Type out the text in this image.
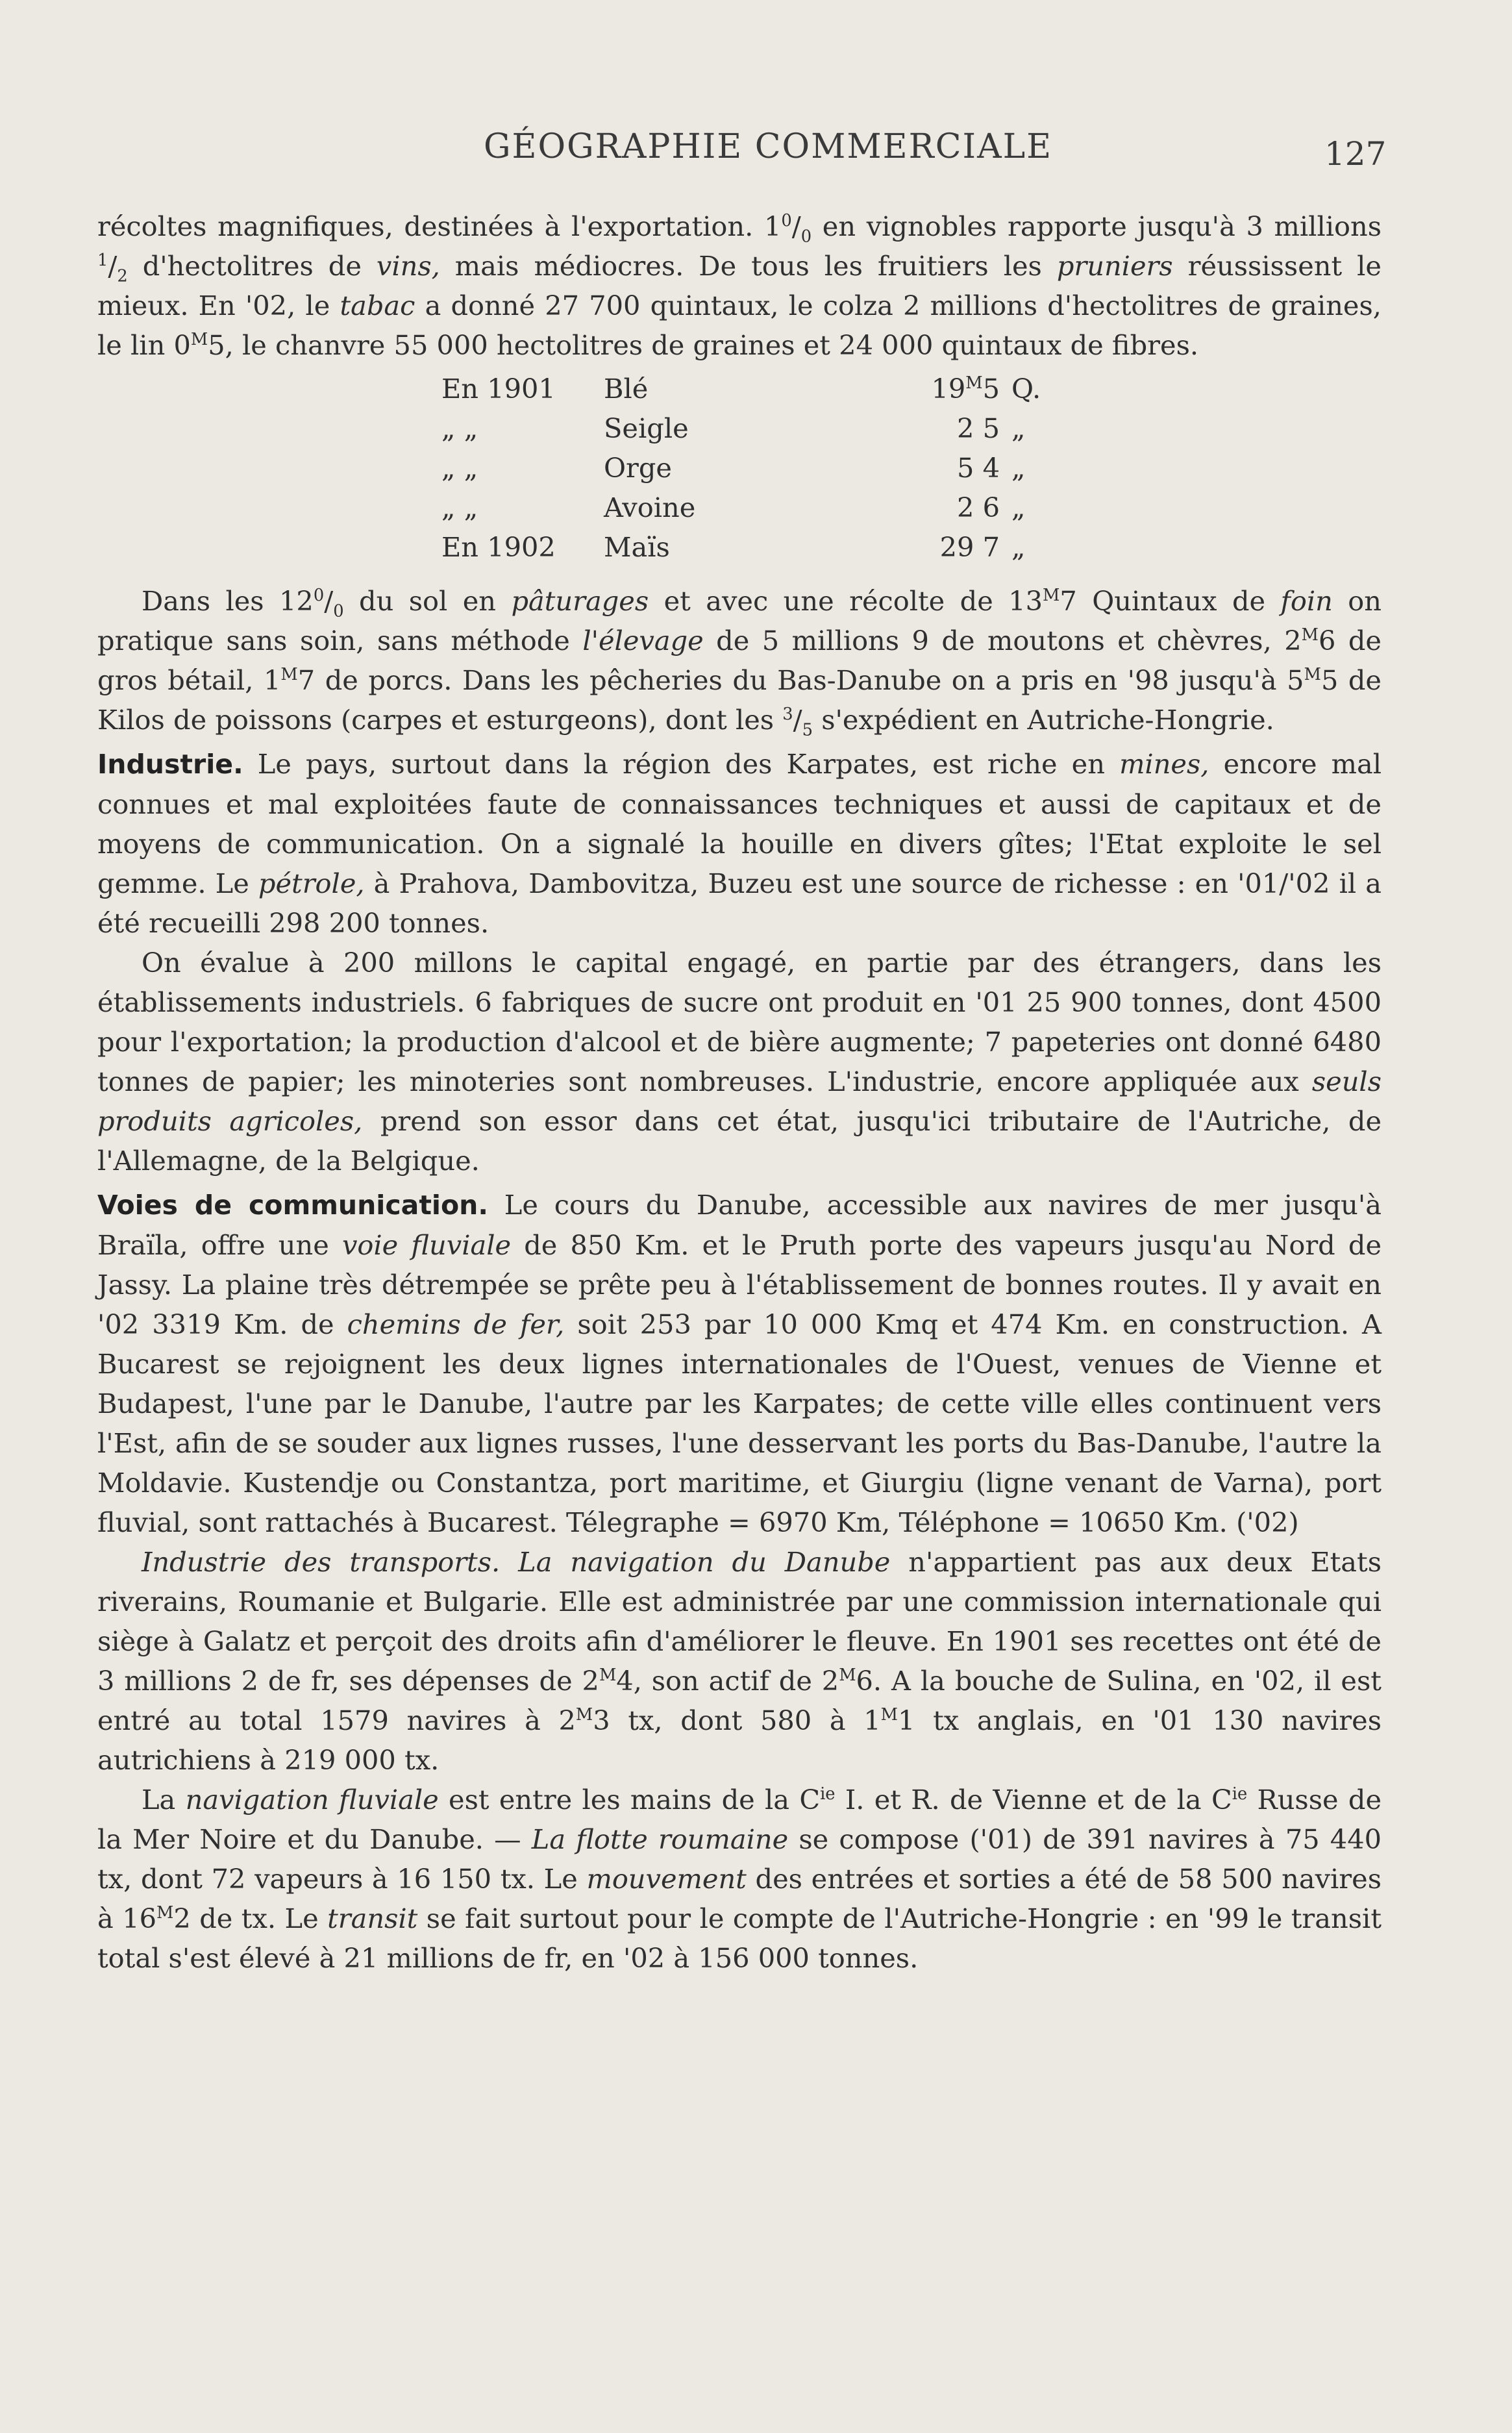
GÉOGRAPHIE COMMERCIALE	127

récoltes magnifiques, destinées à l'exportation. $1^0/_0$ en vignobles rapporte jusqu'à 3 millions $^1/_2$ d'hectolitres de vins, mais médiocres. De tous les fruitiers les pruniers réussissent le mieux. En '02, le tabac a donné 27 700 quintaux, le colza 2 millions d'hectolitres de graines, le lin $0^M5$, le chanvre 55 000 hectolitres de graines et 24 000 quintaux de fibres.

En 1901	Blé	$19^M5$	Q.
„ „	Seigle	2 5	„
„ „	Orge	5 4	„
„ „	Avoine	2 6	„
En 1902	Maïs	29 7	„

Dans les $12^0/_0$ du sol en pâturages et avec une récolte de $13^M7$ Quintaux de foin on pratique sans soin, sans méthode l'élevage de 5 millions 9 de moutons et chèvres, $2^M6$ de gros bétail, $1^M7$ de porcs. Dans les pêcheries du Bas-Danube on a pris en '98 jusqu'à $5^M5$ de Kilos de poissons (carpes et esturgeons), dont les $^3/_5$ s'expédient en Autriche-Hongrie.

Industrie. Le pays, surtout dans la région des Karpates, est riche en mines, encore mal connues et mal exploitées faute de connaissances techniques et aussi de capitaux et de moyens de communication. On a signalé la houille en divers gîtes; l'Etat exploite le sel gemme. Le pétrole, à Prahova, Dambovitza, Buzeu est une source de richesse : en '01/'02 il a été recueilli 298 200 tonnes.

On évalue à 200 millons le capital engagé, en partie par des étrangers, dans les établissements industriels. 6 fabriques de sucre ont produit en '01 25 900 tonnes, dont 4500 pour l'exportation; la production d'alcool et de bière augmente; 7 papeteries ont donné 6480 tonnes de papier; les minoteries sont nombreuses. L'industrie, encore appliquée aux seuls produits agricoles, prend son essor dans cet état, jusqu'ici tributaire de l'Autriche, de l'Allemagne, de la Belgique.

Voies de communication. Le cours du Danube, accessible aux navires de mer jusqu'à Braïla, offre une voie fluviale de 850 Km. et le Pruth porte des vapeurs jusqu'au Nord de Jassy. La plaine très détrempée se prête peu à l'établissement de bonnes routes. Il y avait en '02 3319 Km. de chemins de fer, soit 253 par 10 000 Kmq et 474 Km. en construction. A Bucarest se rejoignent les deux lignes internationales de l'Ouest, venues de Vienne et Budapest, l'une par le Danube, l'autre par les Karpates; de cette ville elles continuent vers l'Est, afin de se souder aux lignes russes, l'une desservant les ports du Bas-Danube, l'autre la Moldavie. Kustendje ou Constantza, port maritime, et Giurgiu (ligne venant de Varna), port fluvial, sont rattachés à Bucarest. Télegraphe = 6970 Km, Téléphone = 10650 Km. ('02)

Industrie des transports. La navigation du Danube n'appartient pas aux deux Etats riverains, Roumanie et Bulgarie. Elle est administrée par une commission internationale qui siège à Galatz et perçoit des droits afin d'améliorer le fleuve. En 1901 ses recettes ont été de 3 millions 2 de fr, ses dépenses de $2^M4$, son actif de $2^M6$. A la bouche de Sulina, en '02, il est entré au total 1579 navires à $2^M3$ tx, dont 580 à $1^M1$ tx anglais, en '01 130 navires autrichiens à 219 000 tx.

La navigation fluviale est entre les mains de la $C^{ie}$ I. et R. de Vienne et de la $C^{ie}$ Russe de la Mer Noire et du Danube. — La flotte roumaine se compose ('01) de 391 navires à 75 440 tx, dont 72 vapeurs à 16 150 tx. Le mouvement des entrées et sorties a été de 58 500 navires à $16^M2$ de tx. Le transit se fait surtout pour le compte de l'Autriche-Hongrie : en '99 le transit total s'est élevé à 21 millions de fr, en '02 à 156 000 tonnes.
